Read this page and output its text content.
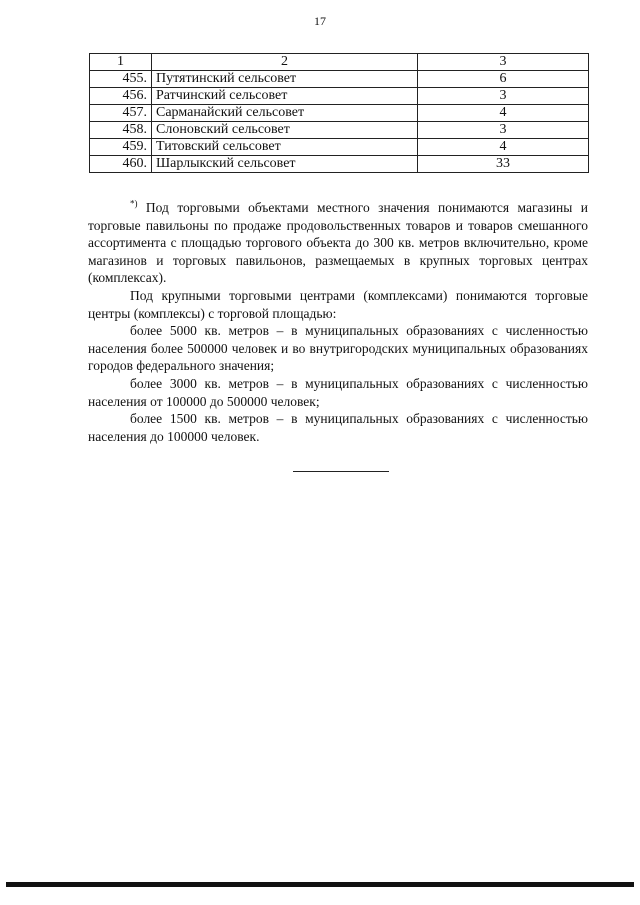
17
1	2	3
455.	Путятинский сельсовет	6
456.	Ратчинский сельсовет	3
457.	Сарманайский сельсовет	4
458.	Слоновский сельсовет	3
459.	Титовский сельсовет	4
460.	Шарлыкский сельсовет	33

*) Под торговыми объектами местного значения понимаются магазины и торговые павильоны по продаже продовольственных товаров и товаров смешанного ассортимента с площадью торгового объекта до 300 кв. метров включительно, кроме магазинов и торговых павильонов, размещаемых в крупных торговых центрах (комплексах).

Под крупными торговыми центрами (комплексами) понимаются торговые центры (комплексы) с торговой площадью:

более 5000 кв. метров – в муниципальных образованиях с численностью населения более 500000 человек и во внутригородских муниципальных образованиях городов федерального значения;

более 3000 кв. метров – в муниципальных образованиях с численностью населения от 100000 до 500000 человек;

более 1500 кв. метров – в муниципальных образованиях с численностью населения до 100000 человек.
